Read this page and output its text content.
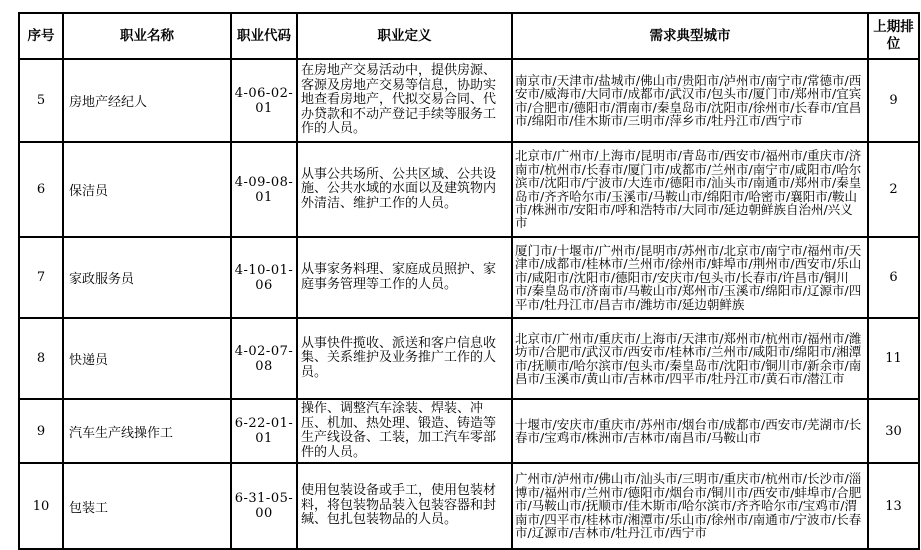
序号	职业名称	职业代码	职业定义	需求典型城市	上期排位
5	房地产经纪人	4-06-02-01	在房地产交易活动中，提供房源、客源及房地产交易等信息，协助实地查看房地产，代拟交易合同、代办贷款和不动产登记手续等服务工作的人员。	南京市/天津市/盐城市/佛山市/贵阳市/泸州市/南宁市/常德市/西安市/威海市/大同市/成都市/武汉市/包头市/厦门市/郑州市/宜宾市/合肥市/德阳市/渭南市/秦皇岛市/沈阳市/徐州市/长春市/宜昌市/绵阳市/佳木斯市/三明市/萍乡市/牡丹江市/西宁市	9
6	保洁员	4-09-08-01	从事公共场所、公共区域、公共设施、公共水域的水面以及建筑物内外清洁、维护工作的人员。	北京市/广州市/上海市/昆明市/青岛市/西安市/福州市/重庆市/济南市/杭州市/长春市/厦门市/成都市/兰州市/南宁市/咸阳市/哈尔滨市/沈阳市/宁波市/大连市/德阳市/汕头市/南通市/郑州市/秦皇岛市/齐齐哈尔市/玉溪市/马鞍山市/绵阳市/哈密市/襄阳市/鞍山市/株洲市/安阳市/呼和浩特市/大同市/延边朝鲜族自治州/兴义市	2
7	家政服务员	4-10-01-06	从事家务料理、家庭成员照护、家庭事务管理等工作的人员。	厦门市/十堰市/广州市/昆明市/苏州市/北京市/南宁市/福州市/天津市/成都市/桂林市/兰州市/徐州市/蚌埠市/荆州市/西安市/乐山市/咸阳市/沈阳市/德阳市/安庆市/包头市/长春市/许昌市/铜川市/秦皇岛市/济南市/马鞍山市/郑州市/玉溪市/绵阳市/辽源市/四平市/牡丹江市/昌吉市/潍坊市/延边朝鲜族	6
8	快递员	4-02-07-08	从事快件揽收、派送和客户信息收集、关系维护及业务推广工作的人员。	北京市/广州市/重庆市/上海市/天津市/郑州市/杭州市/福州市/潍坊市/合肥市/武汉市/西安市/桂林市/兰州市/咸阳市/绵阳市/湘潭市/抚顺市/哈尔滨市/包头市/秦皇岛市/沈阳市/铜川市/新余市/南昌市/玉溪市/黄山市/吉林市/四平市/牡丹江市/黄石市/潜江市	11
9	汽车生产线操作工	6-22-01-01	操作、调整汽车涂装、焊装、冲压、机加、热处理、锻造、铸造等生产线设备、工装，加工汽车零部件的人员。	十堰市/安庆市/重庆市/苏州市/烟台市/成都市/西安市/芜湖市/长春市/宝鸡市/株洲市/吉林市/南昌市/马鞍山市	30
10	包装工	6-31-05-00	使用包装设备或手工，使用包装材料，将包装物品装入包装容器和封缄、包扎包装物品的人员。	广州市/泸州市/佛山市/汕头市/三明市/重庆市/杭州市/长沙市/淄博市/福州市/兰州市/德阳市/烟台市/铜川市/西安市/蚌埠市/合肥市/马鞍山市/抚顺市/佳木斯市/哈尔滨市/齐齐哈尔市/宝鸡市/渭南市/四平市/桂林市/湘潭市/乐山市/徐州市/南通市/宁波市/长春市/辽源市/吉林市/牡丹江市/西宁市	13
